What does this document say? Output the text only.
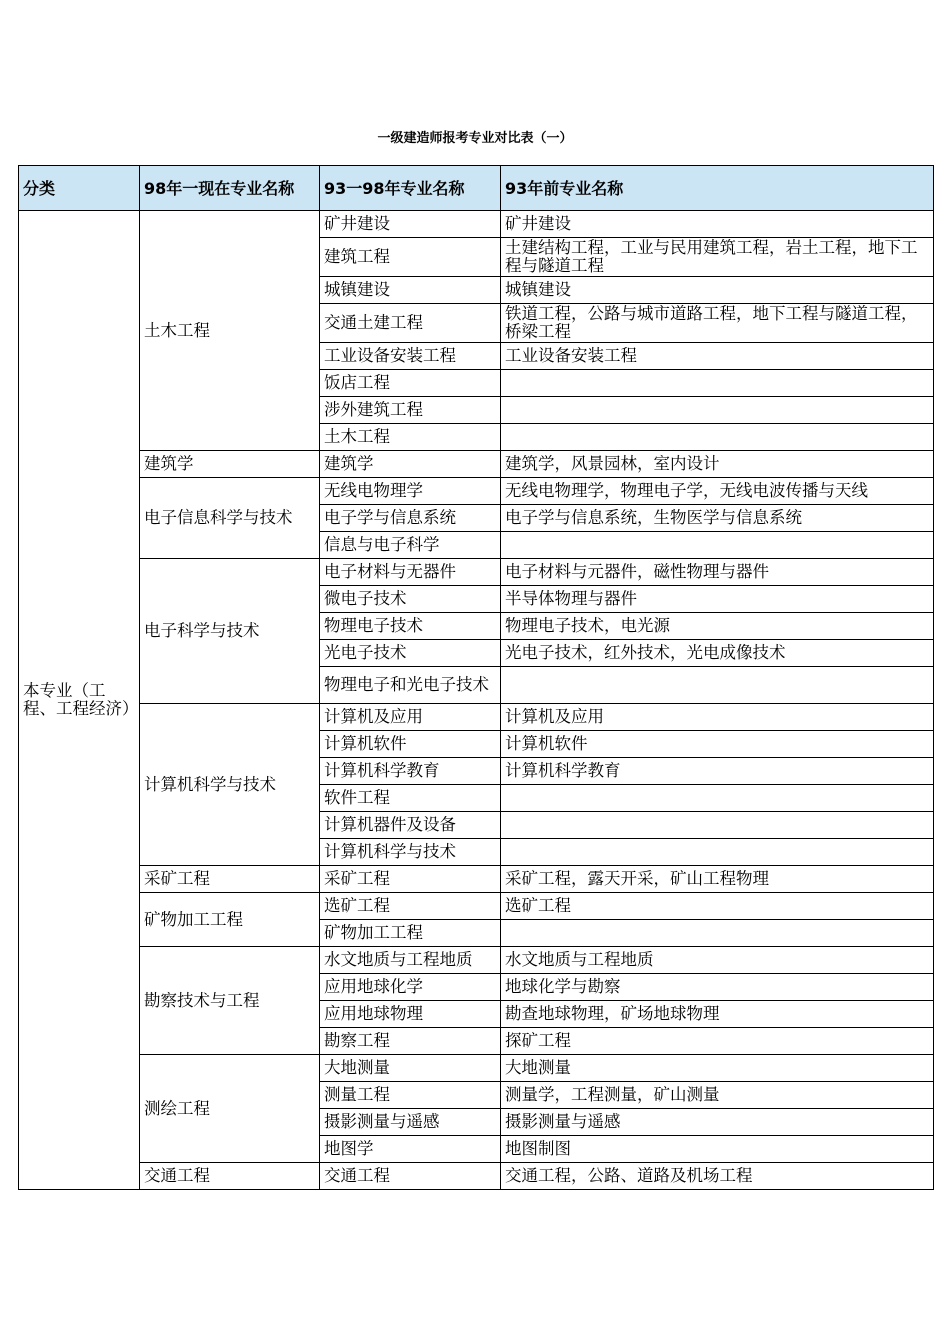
一级建造师报考专业对比表（一）
分类	98年一现在专业名称	93一98年专业名称	93年前专业名称
本专业（工程、工程经济）	土木工程	矿井建设	矿井建设
		建筑工程	土建结构工程，工业与民用建筑工程，岩土工程，地下工程与隧道工程
		城镇建设	城镇建设
		交通土建工程	铁道工程，公路与城市道路工程，地下工程与隧道工程，桥梁工程
		工业设备安装工程	工业设备安装工程
		饭店工程	
		涉外建筑工程	
		土木工程	
	建筑学	建筑学	建筑学，风景园林，室内设计
	电子信息科学与技术	无线电物理学	无线电物理学，物理电子学，无线电波传播与天线
		电子学与信息系统	电子学与信息系统，生物医学与信息系统
		信息与电子科学	
	电子科学与技术	电子材料与无器件	电子材料与元器件，磁性物理与器件
		微电子技术	半导体物理与器件
		物理电子技术	物理电子技术，电光源
		光电子技术	光电子技术，红外技术，光电成像技术
		物理电子和光电子技术	
	计算机科学与技术	计算机及应用	计算机及应用
		计算机软件	计算机软件
		计算机科学教育	计算机科学教育
		软件工程	
		计算机器件及设备	
		计算机科学与技术	
	采矿工程	采矿工程	采矿工程，露天开采，矿山工程物理
	矿物加工工程	选矿工程	选矿工程
		矿物加工工程	
	勘察技术与工程	水文地质与工程地质	水文地质与工程地质
		应用地球化学	地球化学与勘察
		应用地球物理	勘查地球物理，矿场地球物理
		勘察工程	探矿工程
	测绘工程	大地测量	大地测量
		测量工程	测量学，工程测量，矿山测量
		摄影测量与遥感	摄影测量与遥感
		地图学	地图制图
	交通工程	交通工程	交通工程，公路、道路及机场工程
